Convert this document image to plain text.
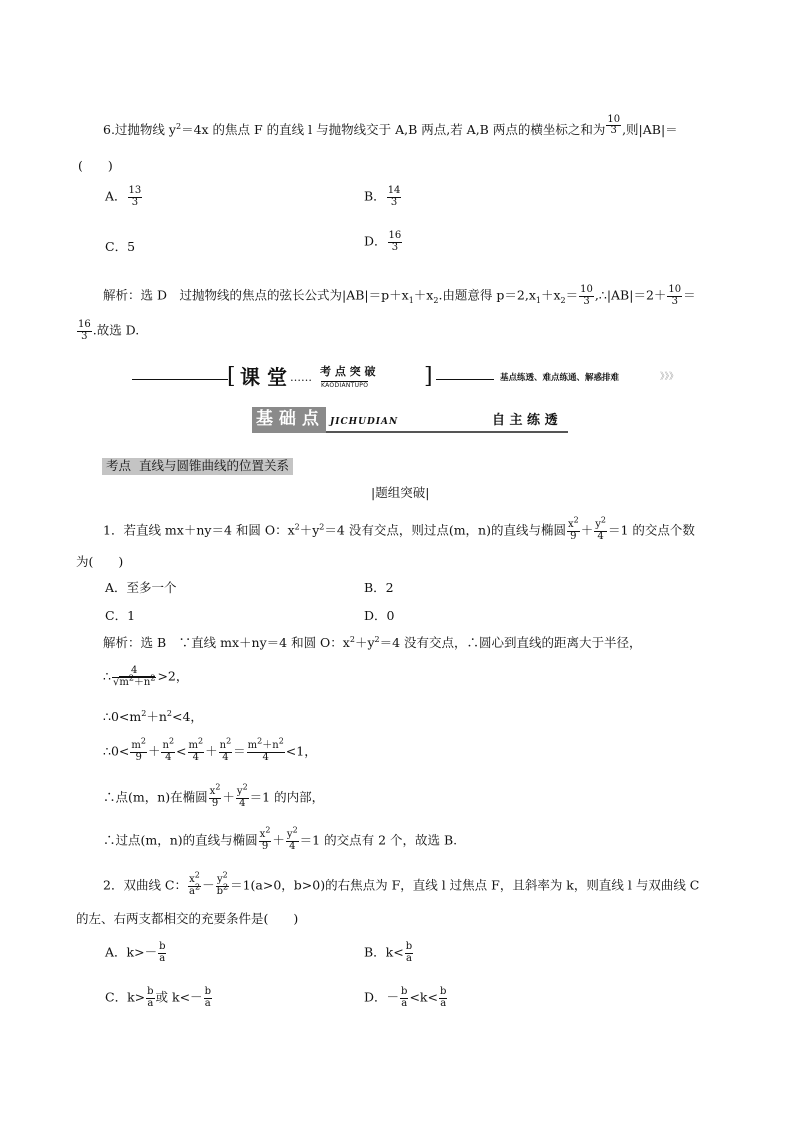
6.过抛物线 $y^2=4x$ 的焦点 F 的直线 l 与抛物线交于 A,B 两点,若 A,B 两点的横坐标之和为 $\frac{10}{3}$ ,则|AB|＝
(　　)
A． $\frac{13}{3}$	B． $\frac{14}{3}$
C．5	D． $\frac{16}{3}$
解析：选 D　过抛物线的焦点的弦长公式为$|AB|=p+x_1+x_2$.由题意得 $p=2,x_1+x_2= \frac{10}{3}$ ,∴|AB|＝2＋ $\frac{10}{3}$ ＝
$\frac{16}{3}$ .故选 D.
[ 课 堂 …… 考 点 突 破
KAODIANTUPO	]	基点练透、难点练通、解惑排难	》》》
基 础 点 JICHUDIAN	自 主 练 透
考点 直线与圆锥曲线的位置关系
|题组突破|
1．若直线 mx＋ny＝4 和圆 O：$x^2+y^2=4$ 没有交点，则过点(m，n)的直线与椭圆 $\frac{x^2}{9} + \frac{y^2}{4} =1$ 的交点个数
为(　　)
A．至多一个	B．2
C．1	D．0
解析：选 B　∵直线 mx＋ny＝4 和圆 O：$x^2+y^2=4$ 没有交点，∴圆心到直线的距离大于半径，
∴ $\frac{4}{√m^2+n^2} >2$，
$\therefore 0<m^2+n^2<4$，
∴0< $\frac{m^2}{9} + \frac{n^2}{4} < \frac{m^2}{4} + \frac{n^2}{4} = \frac{m^2+n^2}{4} <1$，
∴点(m，n)在椭圆 $\frac{x^2}{9} + \frac{y^2}{4} =1$ 的内部，
∴过点(m，n)的直线与椭圆 $\frac{x^2}{9} + \frac{y^2}{4} =1$ 的交点有 2 个，故选 B.
2．双曲线 C： $\frac{x^2}{a^2} - \frac{y^2}{b^2} =1(a>0$，b>0)的右焦点为 F，直线 l 过焦点 F，且斜率为 k，则直线 l 与双曲线 C
的左、右两支都相交的充要条件是(　　)
A．$k>- \frac{b}{a}$	B．$k< \frac{b}{a}$
C．$k> \frac{b}{a}$ 或 $k<- \frac{b}{a}$	D．－ $\frac{b}{a} <k< \frac{b}{a}$
